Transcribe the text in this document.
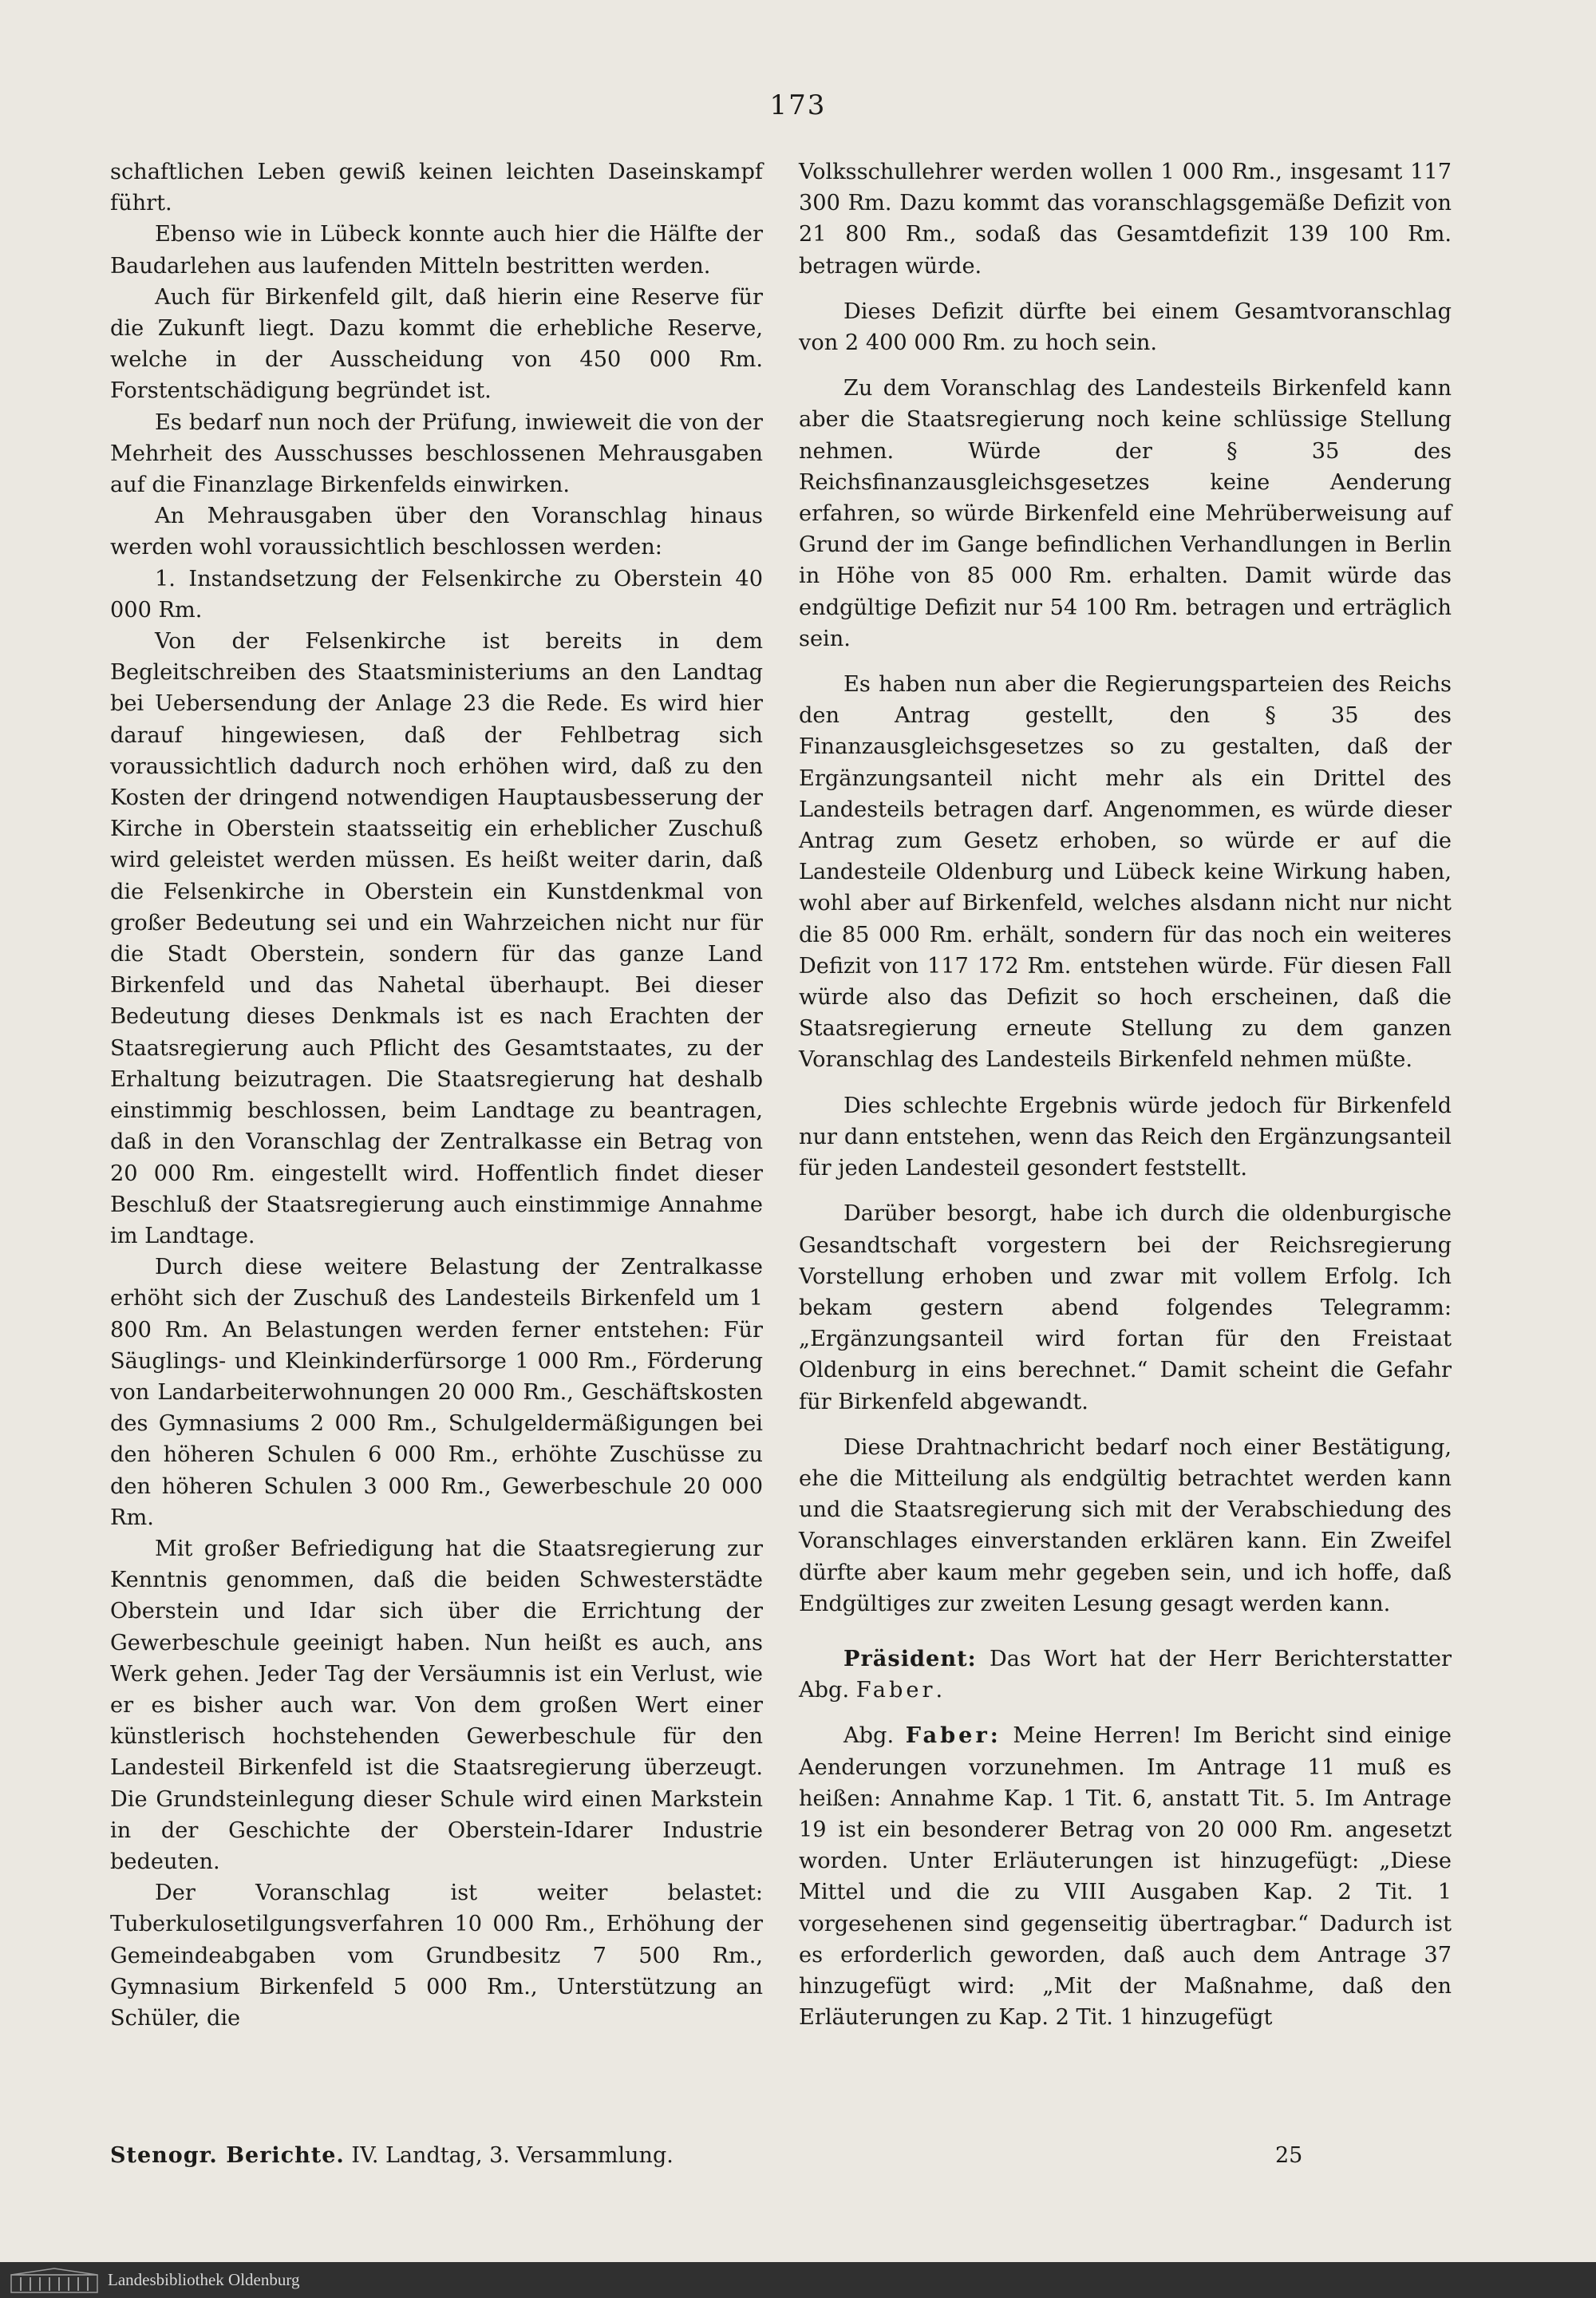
173

schaftlichen Leben gewiß keinen leichten Daseinskampf führt.

Ebenso wie in Lübeck konnte auch hier die Hälfte der Baudarlehen aus laufenden Mitteln bestritten werden.

Auch für Birkenfeld gilt, daß hierin eine Reserve für die Zukunft liegt. Dazu kommt die erhebliche Reserve, welche in der Ausscheidung von 450 000 Rm. Forstentschädigung begründet ist.

Es bedarf nun noch der Prüfung, inwieweit die von der Mehrheit des Ausschusses beschlossenen Mehrausgaben auf die Finanzlage Birkenfelds einwirken.

An Mehrausgaben über den Voranschlag hinaus werden wohl voraussichtlich beschlossen werden:

1. Instandsetzung der Felsenkirche zu Oberstein 40 000 Rm.

Von der Felsenkirche ist bereits in dem Begleitschreiben des Staatsministeriums an den Landtag bei Uebersendung der Anlage 23 die Rede. Es wird hier darauf hingewiesen, daß der Fehlbetrag sich voraussichtlich dadurch noch erhöhen wird, daß zu den Kosten der dringend notwendigen Hauptausbesserung der Kirche in Oberstein staatsseitig ein erheblicher Zuschuß wird geleistet werden müssen. Es heißt weiter darin, daß die Felsenkirche in Oberstein ein Kunstdenkmal von großer Bedeutung sei und ein Wahrzeichen nicht nur für die Stadt Oberstein, sondern für das ganze Land Birkenfeld und das Nahetal überhaupt. Bei dieser Bedeutung dieses Denkmals ist es nach Erachten der Staatsregierung auch Pflicht des Gesamtstaates, zu der Erhaltung beizutragen. Die Staatsregierung hat deshalb einstimmig beschlossen, beim Landtage zu beantragen, daß in den Voranschlag der Zentralkasse ein Betrag von 20 000 Rm. eingestellt wird. Hoffentlich findet dieser Beschluß der Staatsregierung auch einstimmige Annahme im Landtage.

Durch diese weitere Belastung der Zentralkasse erhöht sich der Zuschuß des Landesteils Birkenfeld um 1 800 Rm. An Belastungen werden ferner entstehen: Für Säuglings- und Kleinkinderfürsorge 1 000 Rm., Förderung von Landarbeiterwohnungen 20 000 Rm., Geschäftskosten des Gymnasiums 2 000 Rm., Schulgeldermäßigungen bei den höheren Schulen 6 000 Rm., erhöhte Zuschüsse zu den höheren Schulen 3 000 Rm., Gewerbeschule 20 000 Rm.

Mit großer Befriedigung hat die Staatsregierung zur Kenntnis genommen, daß die beiden Schwesterstädte Oberstein und Idar sich über die Errichtung der Gewerbeschule geeinigt haben. Nun heißt es auch, ans Werk gehen. Jeder Tag der Versäumnis ist ein Verlust, wie er es bisher auch war. Von dem großen Wert einer künstlerisch hochstehenden Gewerbeschule für den Landesteil Birkenfeld ist die Staatsregierung überzeugt. Die Grundsteinlegung dieser Schule wird einen Markstein in der Geschichte der Oberstein-Idarer Industrie bedeuten.

Der Voranschlag ist weiter belastet: Tuberkulosetilgungsverfahren 10 000 Rm., Erhöhung der Gemeindeabgaben vom Grundbesitz 7 500 Rm., Gymnasium Birkenfeld 5 000 Rm., Unterstützung an Schüler, die

Volksschullehrer werden wollen 1 000 Rm., insgesamt 117 300 Rm. Dazu kommt das voranschlagsgemäße Defizit von 21 800 Rm., sodaß das Gesamtdefizit 139 100 Rm. betragen würde.

Dieses Defizit dürfte bei einem Gesamtvoranschlag von 2 400 000 Rm. zu hoch sein.

Zu dem Voranschlag des Landesteils Birkenfeld kann aber die Staatsregierung noch keine schlüssige Stellung nehmen. Würde der § 35 des Reichsfinanzausgleichsgesetzes keine Aenderung erfahren, so würde Birkenfeld eine Mehrüberweisung auf Grund der im Gange befindlichen Verhandlungen in Berlin in Höhe von 85 000 Rm. erhalten. Damit würde das endgültige Defizit nur 54 100 Rm. betragen und erträglich sein.

Es haben nun aber die Regierungsparteien des Reichs den Antrag gestellt, den § 35 des Finanzausgleichsgesetzes so zu gestalten, daß der Ergänzungsanteil nicht mehr als ein Drittel des Landesteils betragen darf. Angenommen, es würde dieser Antrag zum Gesetz erhoben, so würde er auf die Landesteile Oldenburg und Lübeck keine Wirkung haben, wohl aber auf Birkenfeld, welches alsdann nicht nur nicht die 85 000 Rm. erhält, sondern für das noch ein weiteres Defizit von 117 172 Rm. entstehen würde. Für diesen Fall würde also das Defizit so hoch erscheinen, daß die Staatsregierung erneute Stellung zu dem ganzen Voranschlag des Landesteils Birkenfeld nehmen müßte.

Dies schlechte Ergebnis würde jedoch für Birkenfeld nur dann entstehen, wenn das Reich den Ergänzungsanteil für jeden Landesteil gesondert feststellt.

Darüber besorgt, habe ich durch die oldenburgische Gesandtschaft vorgestern bei der Reichsregierung Vorstellung erhoben und zwar mit vollem Erfolg. Ich bekam gestern abend folgendes Telegramm: „Ergänzungsanteil wird fortan für den Freistaat Oldenburg in eins berechnet.“ Damit scheint die Gefahr für Birkenfeld abgewandt.

Diese Drahtnachricht bedarf noch einer Bestätigung, ehe die Mitteilung als endgültig betrachtet werden kann und die Staatsregierung sich mit der Verabschiedung des Voranschlages einverstanden erklären kann. Ein Zweifel dürfte aber kaum mehr gegeben sein, und ich hoffe, daß Endgültiges zur zweiten Lesung gesagt werden kann.

Präsident: Das Wort hat der Herr Berichterstatter Abg. Faber.

Abg. Faber: Meine Herren! Im Bericht sind einige Aenderungen vorzunehmen. Im Antrage 11 muß es heißen: Annahme Kap. 1 Tit. 6, anstatt Tit. 5. Im Antrage 19 ist ein besonderer Betrag von 20 000 Rm. angesetzt worden. Unter Erläuterungen ist hinzugefügt: „Diese Mittel und die zu VIII Ausgaben Kap. 2 Tit. 1 vorgesehenen sind gegenseitig übertragbar.“ Dadurch ist es erforderlich geworden, daß auch dem Antrage 37 hinzugefügt wird: „Mit der Maßnahme, daß den Erläuterungen zu Kap. 2 Tit. 1 hinzugefügt

Stenogr. Berichte. IV. Landtag, 3. Versammlung.	25
Landesbibliothek Oldenburg
